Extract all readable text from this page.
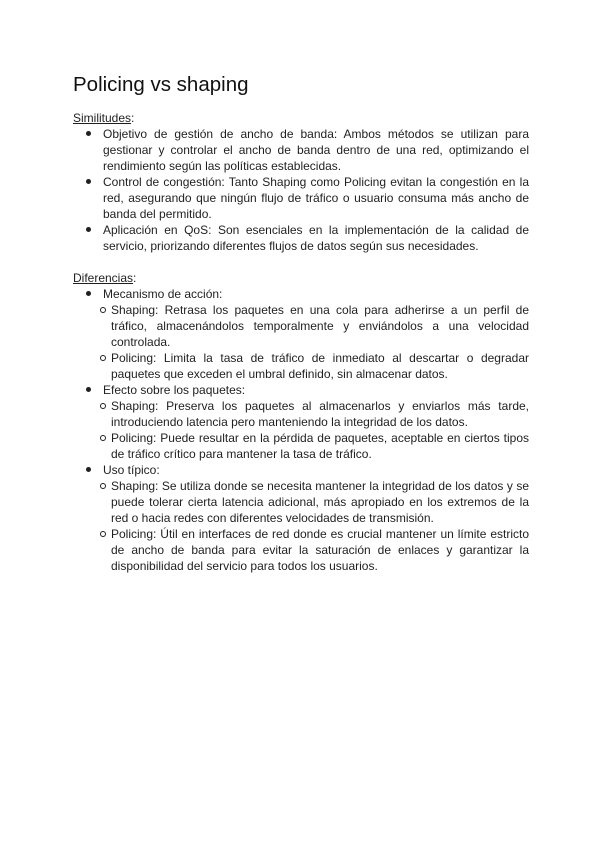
Policing vs shaping

Similitudes:

Objetivo de gestión de ancho de banda: Ambos métodos se utilizan para gestionar y controlar el ancho de banda dentro de una red, optimizando el rendimiento según las políticas establecidas.
Control de congestión: Tanto Shaping como Policing evitan la congestión en la red, asegurando que ningún flujo de tráfico o usuario consuma más ancho de banda del permitido.
Aplicación en QoS: Son esenciales en la implementación de la calidad de servicio, priorizando diferentes flujos de datos según sus necesidades.

Diferencias:

Mecanismo de acción:
Shaping: Retrasa los paquetes en una cola para adherirse a un perfil de tráfico, almacenándolos temporalmente y enviándolos a una velocidad controlada.
Policing: Limita la tasa de tráfico de inmediato al descartar o degradar paquetes que exceden el umbral definido, sin almacenar datos.
Efecto sobre los paquetes:
Shaping: Preserva los paquetes al almacenarlos y enviarlos más tarde, introduciendo latencia pero manteniendo la integridad de los datos.
Policing: Puede resultar en la pérdida de paquetes, aceptable en ciertos tipos de tráfico crítico para mantener la tasa de tráfico.
Uso típico:
Shaping: Se utiliza donde se necesita mantener la integridad de los datos y se puede tolerar cierta latencia adicional, más apropiado en los extremos de la red o hacia redes con diferentes velocidades de transmisión.
Policing: Útil en interfaces de red donde es crucial mantener un límite estricto de ancho de banda para evitar la saturación de enlaces y garantizar la disponibilidad del servicio para todos los usuarios.
